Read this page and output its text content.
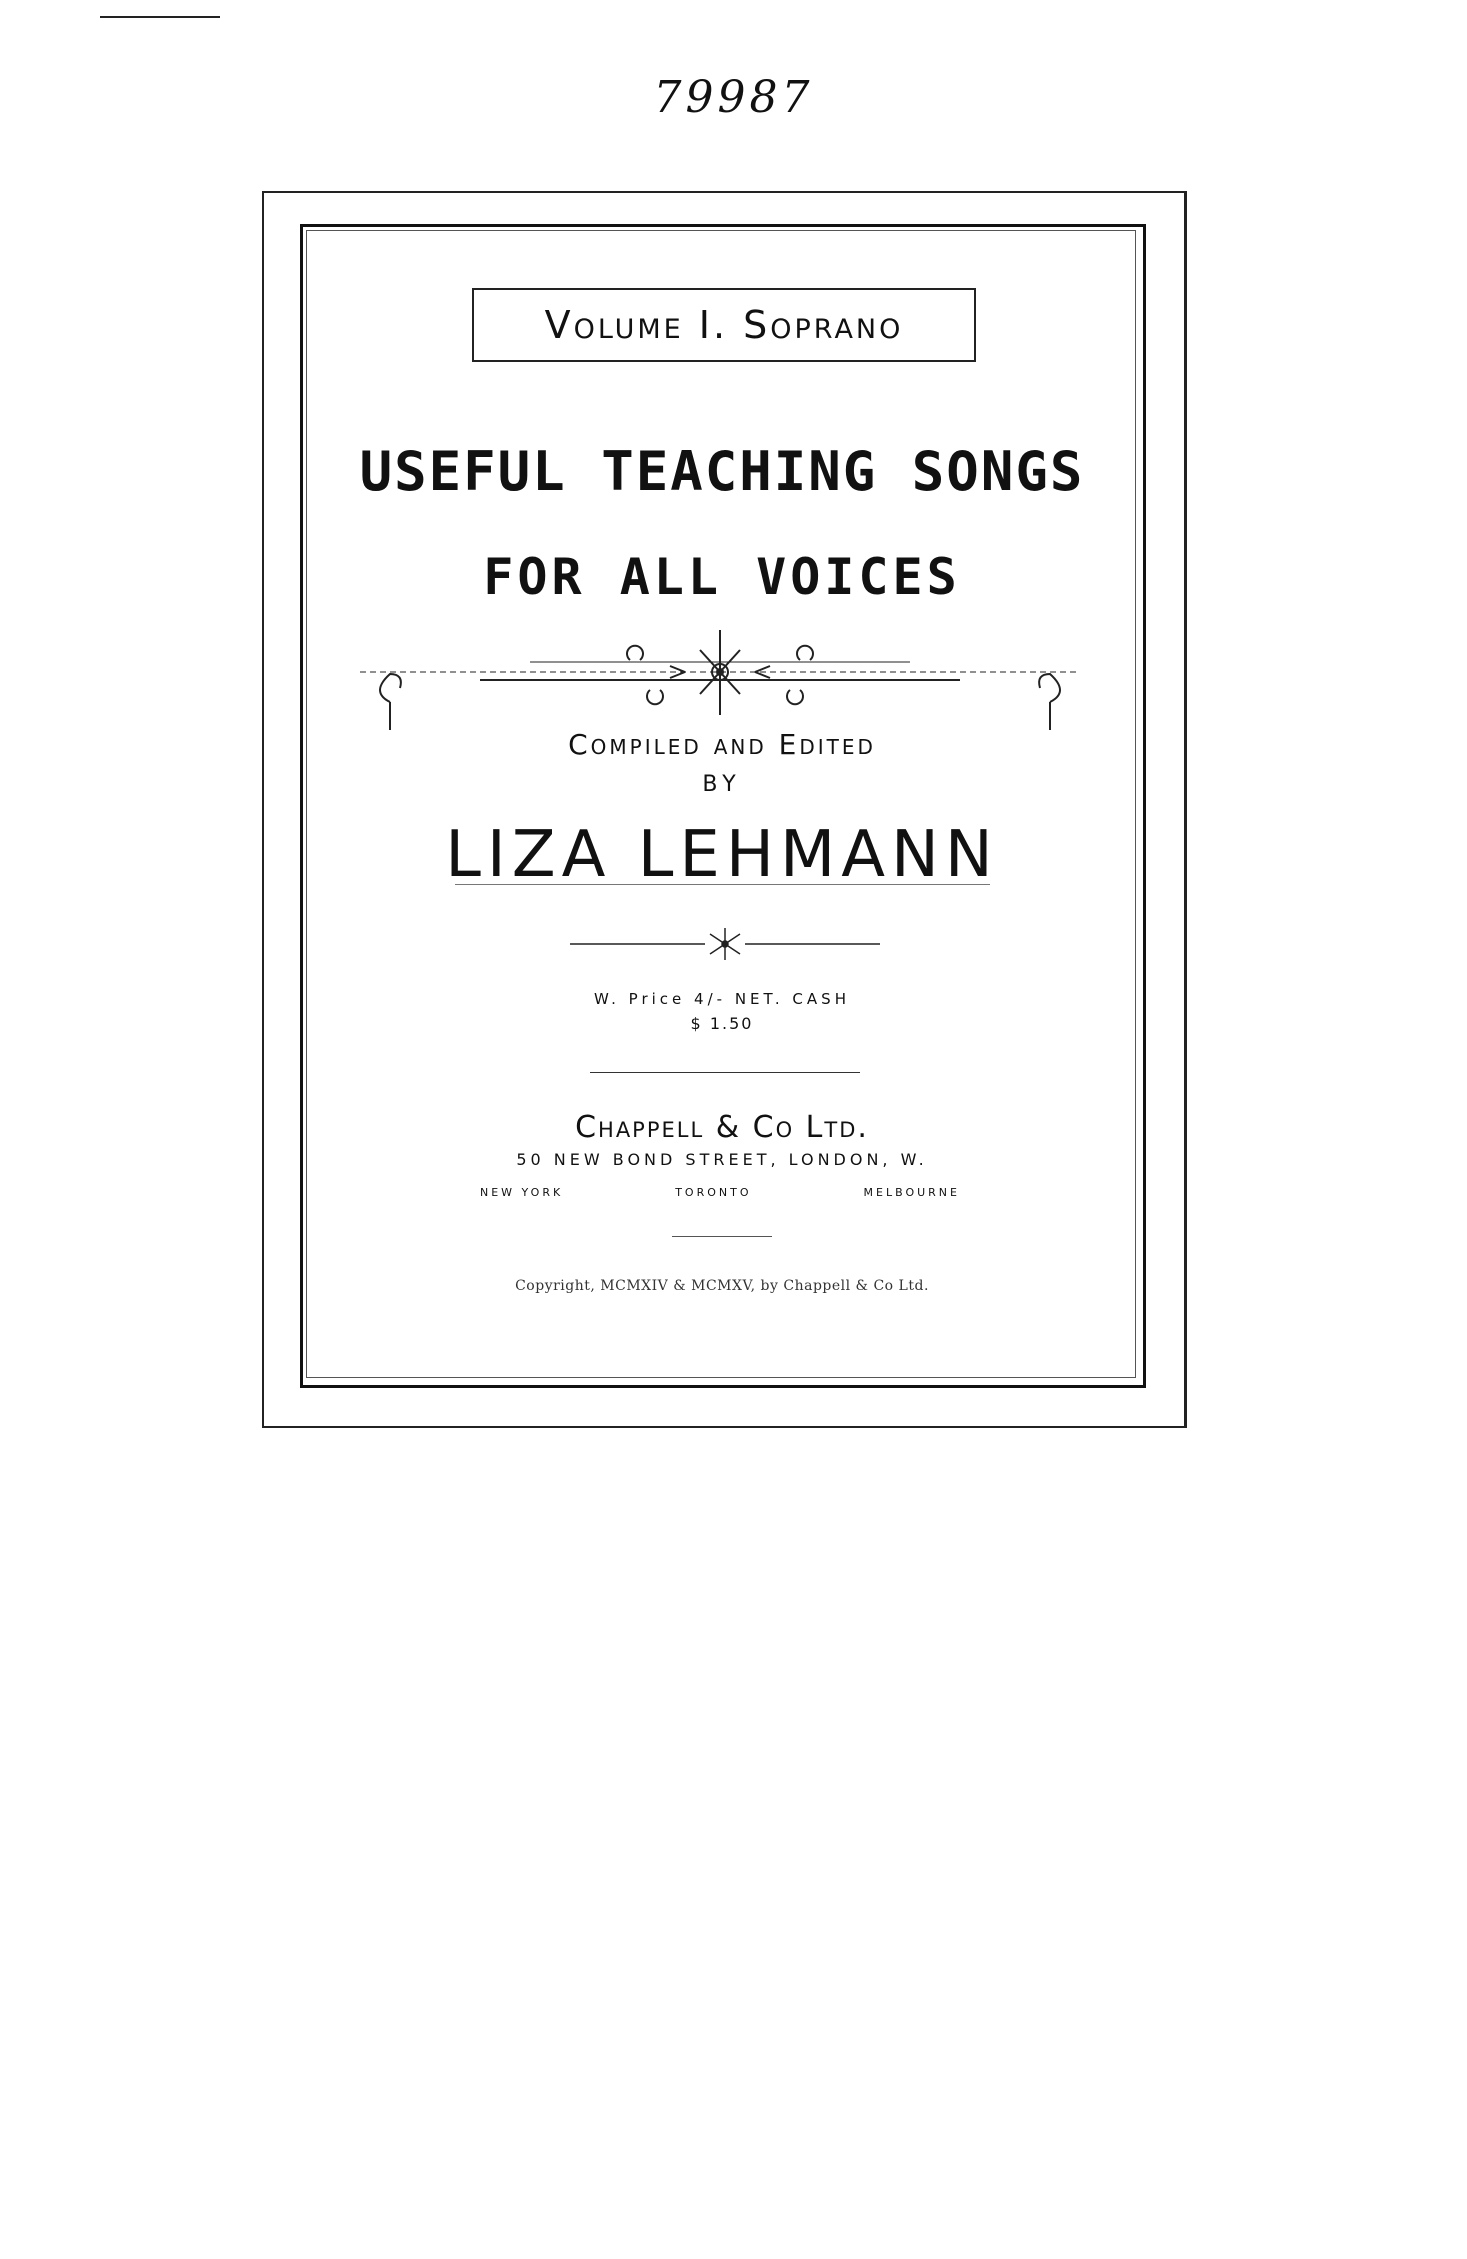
79987
Volume I. Soprano
USEFUL TEACHING SONGS
FOR ALL VOICES
Compiled and Edited
BY
LIZA LEHMANN
W. Price 4/- NET. CASH
$ 1.50
Chappell & Co Ltd.
50 NEW BOND STREET, LONDON, W.
NEW YORK	TORONTO	MELBOURNE
Copyright, MCMXIV & MCMXV, by Chappell & Co Ltd.
